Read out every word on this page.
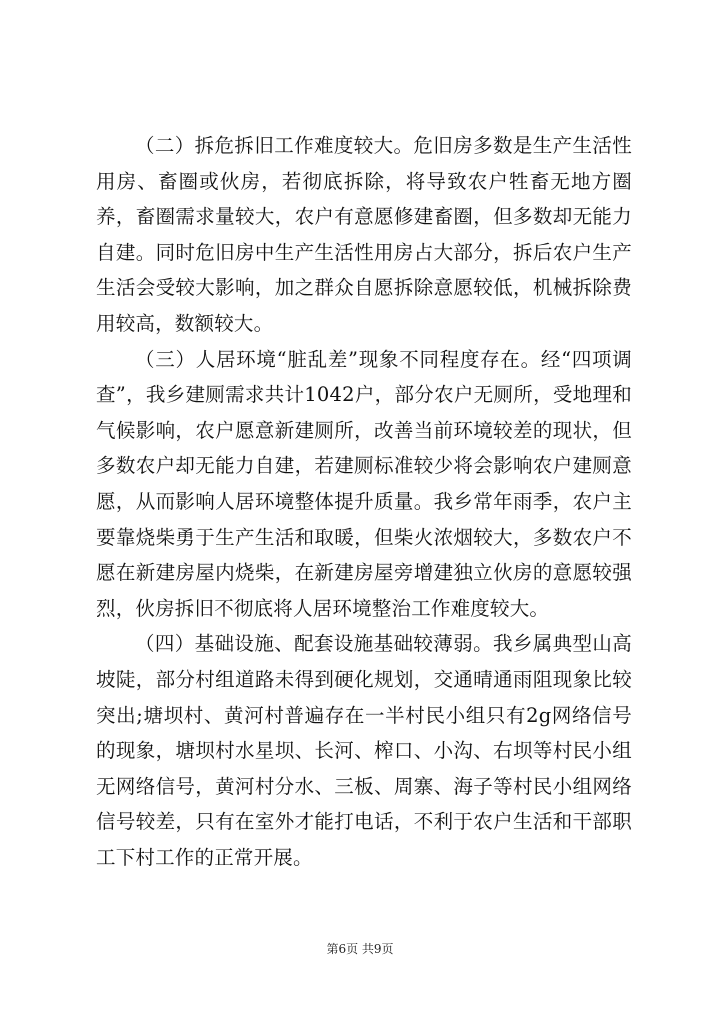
（二）拆危拆旧工作难度较大。危旧房多数是生产生活性用房、畜圈或伙房，若彻底拆除，将导致农户牲畜无地方圈养，畜圈需求量较大，农户有意愿修建畜圈，但多数却无能力自建。同时危旧房中生产生活性用房占大部分，拆后农户生产生活会受较大影响，加之群众自愿拆除意愿较低，机械拆除费用较高，数额较大。

（三）人居环境“脏乱差”现象不同程度存在。经“四项调查”，我乡建厕需求共计1042户，部分农户无厕所，受地理和气候影响，农户愿意新建厕所，改善当前环境较差的现状，但多数农户却无能力自建，若建厕标准较少将会影响农户建厕意愿，从而影响人居环境整体提升质量。我乡常年雨季，农户主要靠烧柴勇于生产生活和取暖，但柴火浓烟较大，多数农户不愿在新建房屋内烧柴，在新建房屋旁增建独立伙房的意愿较强烈，伙房拆旧不彻底将人居环境整治工作难度较大。

（四）基础设施、配套设施基础较薄弱。我乡属典型山高坡陡，部分村组道路未得到硬化规划，交通晴通雨阻现象比较突出;塘坝村、黄河村普遍存在一半村民小组只有2g网络信号的现象，塘坝村水星坝、长河、榨口、小沟、右坝等村民小组无网络信号，黄河村分水、三板、周寨、海子等村民小组网络信号较差，只有在室外才能打电话，不利于农户生活和干部职工下村工作的正常开展。

第6页 共9页
